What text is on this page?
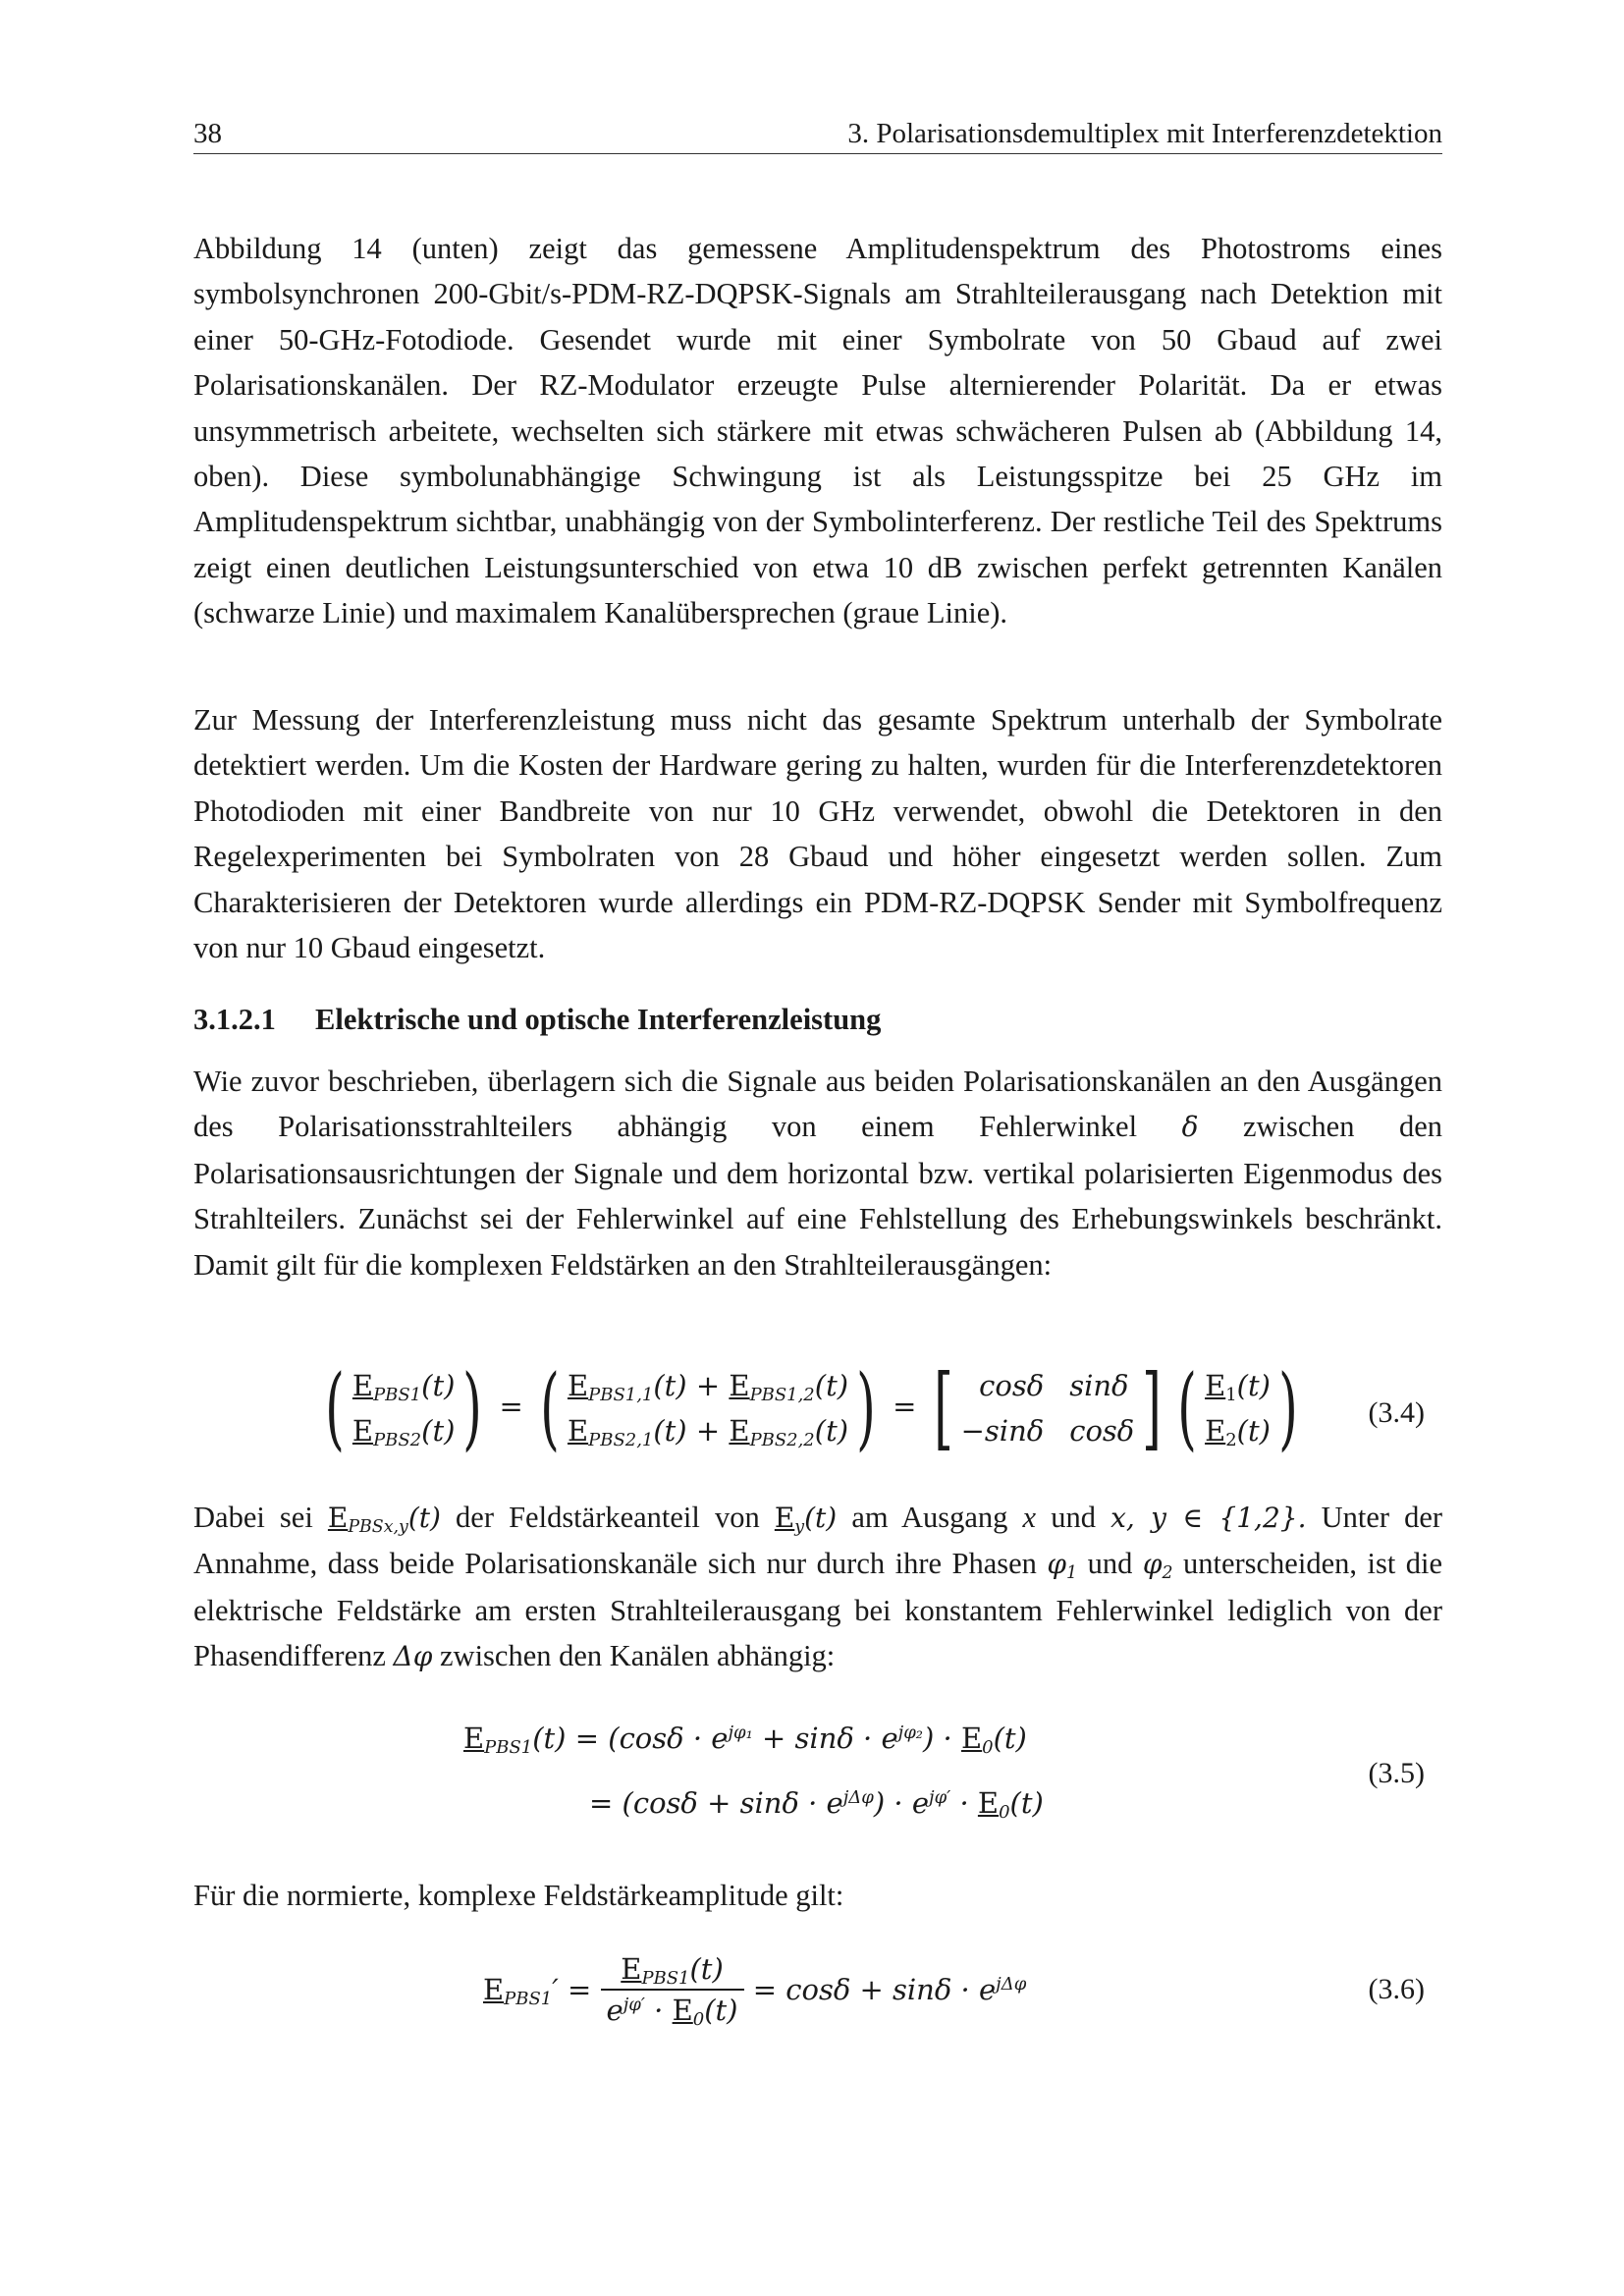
38	3. Polarisationsdemultiplex mit Interferenzdetektion

Abbildung 14 (unten) zeigt das gemessene Amplitudenspektrum des Photostroms eines symbolsynchronen 200-Gbit/s-PDM-RZ-DQPSK-Signals am Strahlteilerausgang nach Detektion mit einer 50-GHz-Fotodiode. Gesendet wurde mit einer Symbolrate von 50 Gbaud auf zwei Polarisationskanälen. Der RZ-Modulator erzeugte Pulse alternierender Polarität. Da er etwas unsymmetrisch arbeitete, wechselten sich stärkere mit etwas schwächeren Pulsen ab (Abbildung 14, oben). Diese symbolunabhängige Schwingung ist als Leistungsspitze bei 25 GHz im Amplitudenspektrum sichtbar, unabhängig von der Symbolinterferenz. Der restliche Teil des Spektrums zeigt einen deutlichen Leistungsunterschied von etwa 10 dB zwischen perfekt getrennten Kanälen (schwarze Linie) und maximalem Kanalübersprechen (graue Linie).

Zur Messung der Interferenzleistung muss nicht das gesamte Spektrum unterhalb der Symbolrate detektiert werden. Um die Kosten der Hardware gering zu halten, wurden für die Interferenzdetektoren Photodioden mit einer Bandbreite von nur 10 GHz verwendet, obwohl die Detektoren in den Regelexperimenten bei Symbolraten von 28 Gbaud und höher eingesetzt werden sollen. Zum Charakterisieren der Detektoren wurde allerdings ein PDM-RZ-DQPSK Sender mit Symbolfrequenz von nur 10 Gbaud eingesetzt.

3.1.2.1 Elektrische und optische Interferenzleistung

Wie zuvor beschrieben, überlagern sich die Signale aus beiden Polarisationskanälen an den Ausgängen des Polarisationsstrahlteilers abhängig von einem Fehlerwinkel δ zwischen den Polarisationsausrichtungen der Signale und dem horizontal bzw. vertikal polarisierten Eigenmodus des Strahlteilers. Zunächst sei der Fehlerwinkel auf eine Fehlstellung des Erhebungswinkels beschränkt. Damit gilt für die komplexen Feldstärken an den Strahlteilerausgängen:

( $E_{PBS1}(t)$
$E_{PBS2}(t)$) = ( $E_{PBS1,1}(t) + E_{PBS1,2}(t)$
$E_{PBS2,1}(t) + E_{PBS2,2}(t)$) = [ cosδ
−sinδsinδ
cosδ] ( $E_1(t)$
$E_2(t)$) (3.4)

Dabei sei $E_{PBSx,y}(t)$ der Feldstärkeanteil von $E_y(t)$ am Ausgang x und x, y ∈ {1,2}. Unter der Annahme, dass beide Polarisationskanäle sich nur durch ihre Phasen $\varphi_1$ und $\varphi_2$ unterscheiden, ist die elektrische Feldstärke am ersten Strahlteilerausgang bei konstantem Fehlerwinkel lediglich von der Phasendifferenz Δφ zwischen den Kanälen abhängig:

$E_{PBS1}(t) = (\cos\delta \cdot e^{j\varphi_1} + \sin\delta \cdot e^{j\varphi_2}) \cdot E_0(t)$
= $(\cos\delta + \sin\delta \cdot e^{j\Delta\varphi}) \cdot e^{j\varphi'} \cdot E_0(t)$
(3.5)

Für die normierte, komplexe Feldstärkeamplitude gilt:

$E_{PBS1}' = \frac{E_{PBS1}(t)}{e^{j\varphi'} \cdot E_0(t)} = \cos\delta + \sin\delta \cdot e^{j\Delta\varphi}$	(3.6)
